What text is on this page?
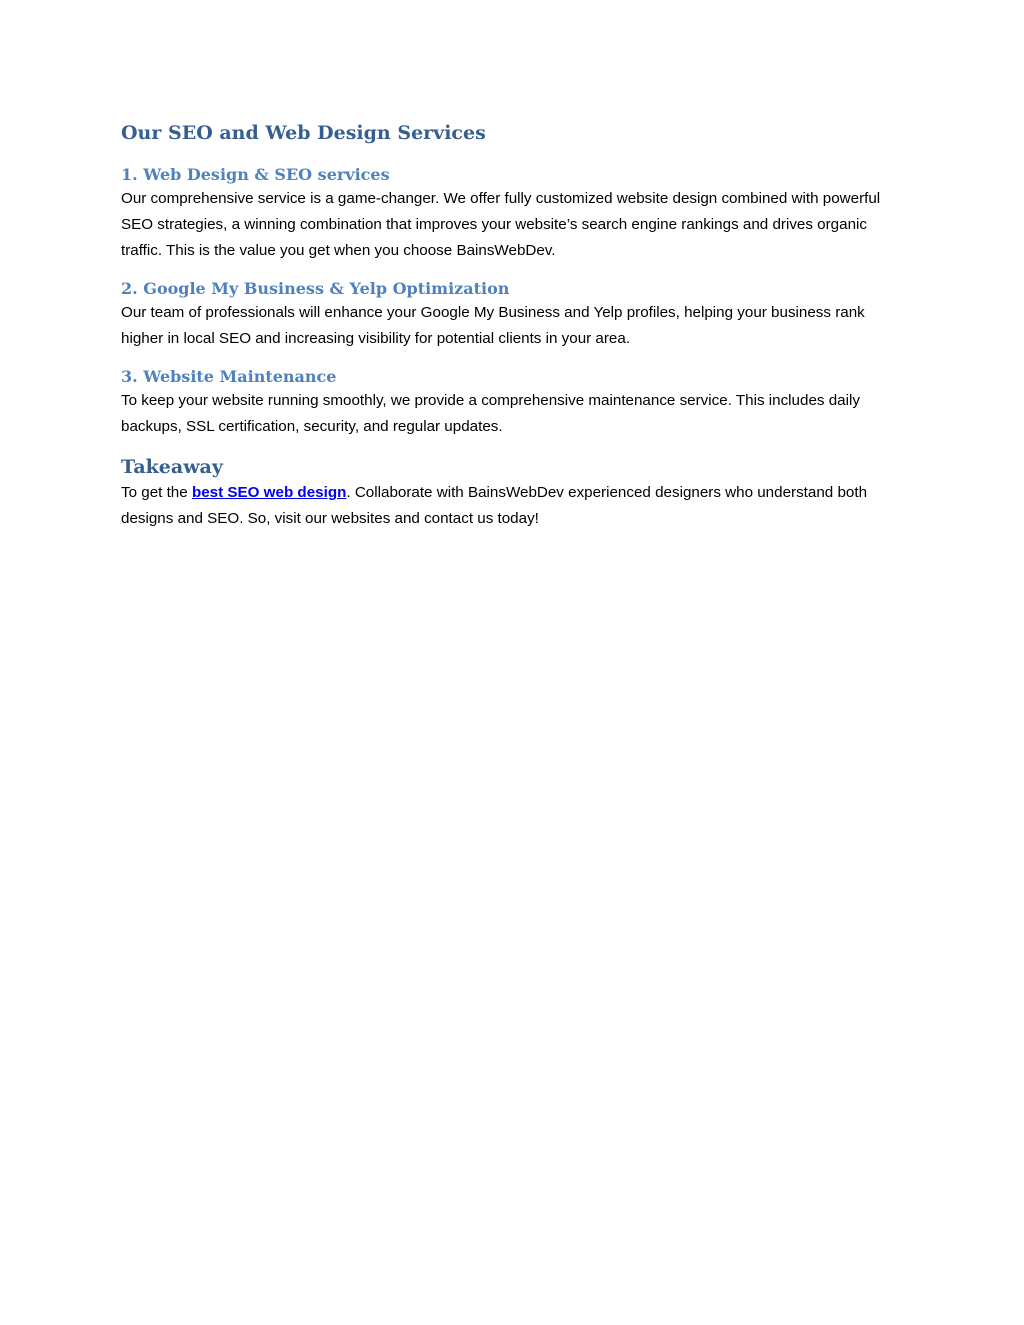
Our SEO and Web Design Services
1. Web Design & SEO services

Our comprehensive service is a game-changer. We offer fully customized website design combined with powerful SEO strategies, a winning combination that improves your website’s search engine rankings and drives organic traffic. This is the value you get when you choose BainsWebDev.

2. Google My Business & Yelp Optimization

Our team of professionals will enhance your Google My Business and Yelp profiles, helping your business rank higher in local SEO and increasing visibility for potential clients in your area.

3. Website Maintenance

To keep your website running smoothly, we provide a comprehensive maintenance service. This includes daily backups, SSL certification, security, and regular updates.

Takeaway

To get the best SEO web design. Collaborate with BainsWebDev experienced designers who understand both designs and SEO. So, visit our websites and contact us today!
